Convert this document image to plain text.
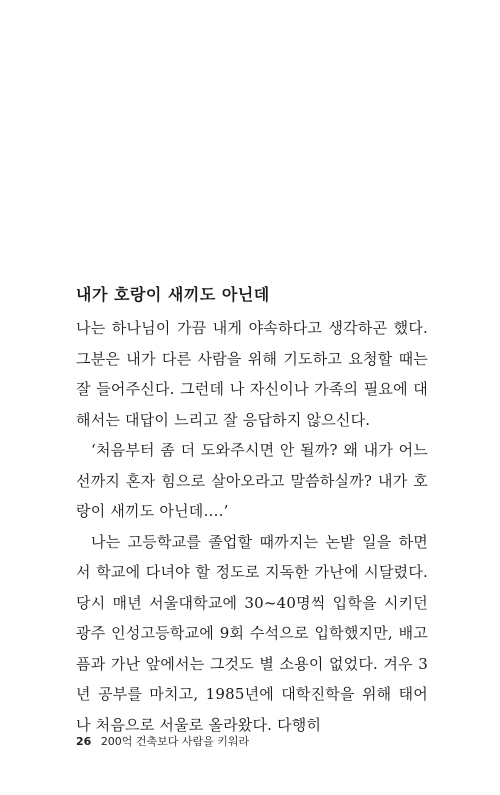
내가 호랑이 새끼도 아닌데

나는 하나님이 가끔 내게 야속하다고 생각하곤 했다. 그분은 내가 다른 사람을 위해 기도하고 요청할 때는 잘 들어주신다. 그런데 나 자신이나 가족의 필요에 대해서는 대답이 느리고 잘 응답하지 않으신다.

‘처음부터 좀 더 도와주시면 안 될까? 왜 내가 어느 선까지 혼자 힘으로 살아오라고 말씀하실까? 내가 호랑이 새끼도 아닌데….’

나는 고등학교를 졸업할 때까지는 논밭 일을 하면서 학교에 다녀야 할 정도로 지독한 가난에 시달렸다. 당시 매년 서울대학교에 30~40명씩 입학을 시키던 광주 인성고등학교에 9회 수석으로 입학했지만, 배고픔과 가난 앞에서는 그것도 별 소용이 없었다. 겨우 3년 공부를 마치고, 1985년에 대학진학을 위해 태어나 처음으로 서울로 올라왔다. 다행히

26 200억 건축보다 사람을 키워라
